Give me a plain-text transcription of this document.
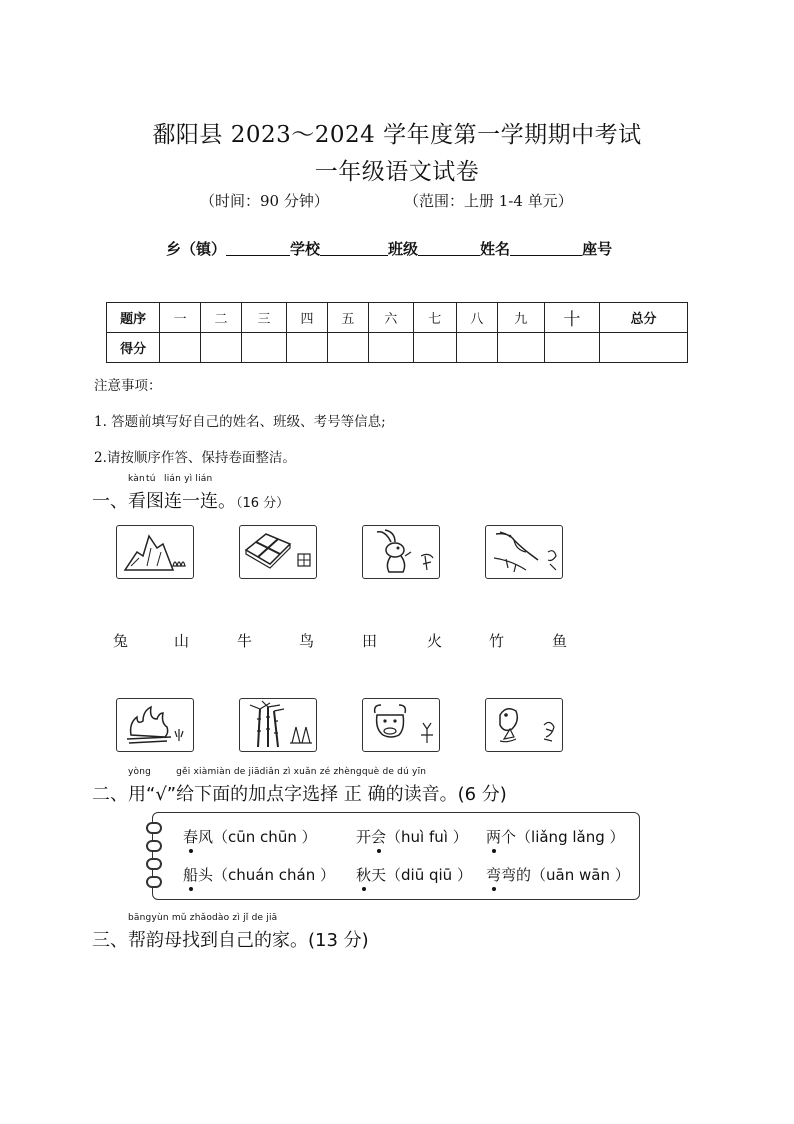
鄱阳县 2023～2024 学年度第一学期期中考试
一年级语文试卷
（时间：90 分钟）	（范围：上册 1-4 单元）
乡（镇）	学校	班级	姓名	座号
题序	一	二	三	四	五	六	七	八	九	十	总分
得分											
注意事项：
1. 答题前填写好自己的姓名、班级、考号等信息;
2.请按顺序作答、保持卷面整洁。
一、
kàn
看
tú
图
lián yì lián
连一连。（16 分）
兔	山	牛	鸟	田	火	竹	鱼
二、
yòng
用“√”
gěi xiàmiàn de jiādiǎn zì xuǎn zé zhèngquè de dú yīn
给下面的加点字选择 正 确的读音。(6 分)
春风（cūn chūn ）	开会（huì fuì ） 两个（liǎng lǎng ）
船头（chuán chán ） 秋天（diū qiū ） 弯弯的（uān wān ）
三、
bāngyùn mǔ zhǎodào zì jǐ de jiā
帮韵母找到自己的家。(13 分)
